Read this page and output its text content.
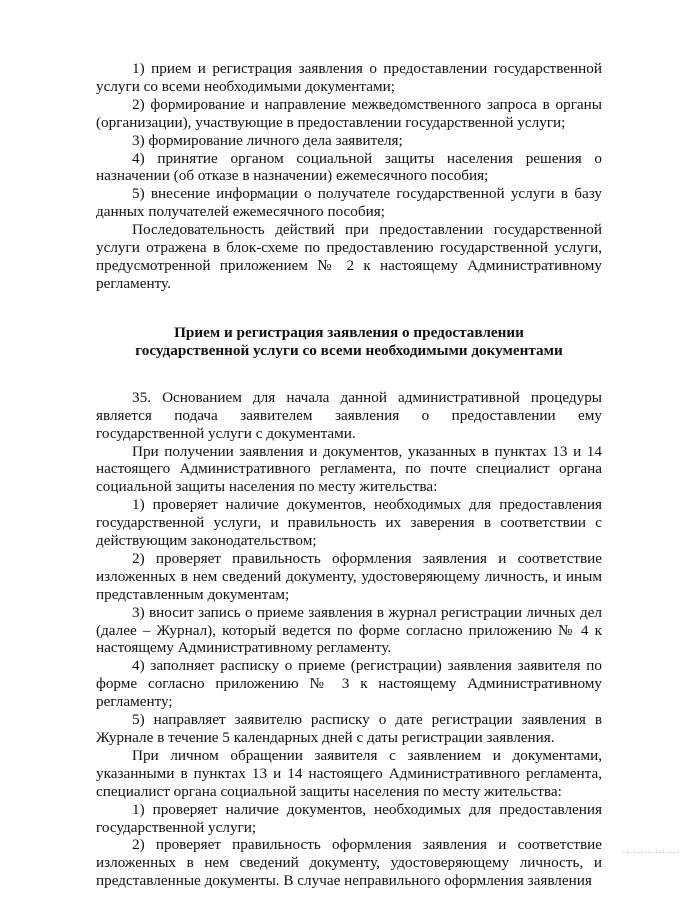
1) прием и регистрация заявления о предоставлении государственной услуги со всеми необходимыми документами;

2) формирование и направление межведомственного запроса в органы (организации), участвующие в предоставлении государственной услуги;

3) формирование личного дела заявителя;

4) принятие органом социальной защиты населения решения о назначении (об отказе в назначении) ежемесячного пособия;

5) внесение информации о получателе государственной услуги в базу данных получателей ежемесячного пособия;

Последовательность действий при предоставлении государственной услуги отражена в блок-схеме по предоставлению государственной услуги, предусмотренной приложением № 2 к настоящему Административному регламенту.

Прием и регистрация заявления о предоставлении
государственной услуги со всеми необходимыми документами

35. Основанием для начала данной административной процедуры является подача заявителем заявления о предоставлении ему государственной услуги с документами.

При получении заявления и документов, указанных в пунктах 13 и 14 настоящего Административного регламента, по почте специалист органа социальной защиты населения по месту жительства:

1) проверяет наличие документов, необходимых для предоставления государственной услуги, и правильность их заверения в соответствии с действующим законодательством;

2) проверяет правильность оформления заявления и соответствие изложенных в нем сведений документу, удостоверяющему личность, и иным представленным документам;

3) вносит запись о приеме заявления в журнал регистрации личных дел (далее – Журнал), который ведется по форме согласно приложению № 4 к настоящему Административному регламенту.

4) заполняет расписку о приеме (регистрации) заявления заявителя по форме согласно приложению № 3 к настоящему Административному регламенту;

5) направляет заявителю расписку о дате регистрации заявления в Журнале в течение 5 календарных дней с даты регистрации заявления.

При личном обращении заявителя с заявлением и документами, указанными в пунктах 13 и 14 настоящего Административного регламента, специалист органа социальной защиты населения по месту жительства:

1) проверяет наличие документов, необходимых для предоставления государственной услуги;

2) проверяет правильность оформления заявления и соответствие изложенных в нем сведений документу, удостоверяющему личность, и представленные документы. В случае неправильного оформления заявления

.:.:.:.:.:.:.:.:
